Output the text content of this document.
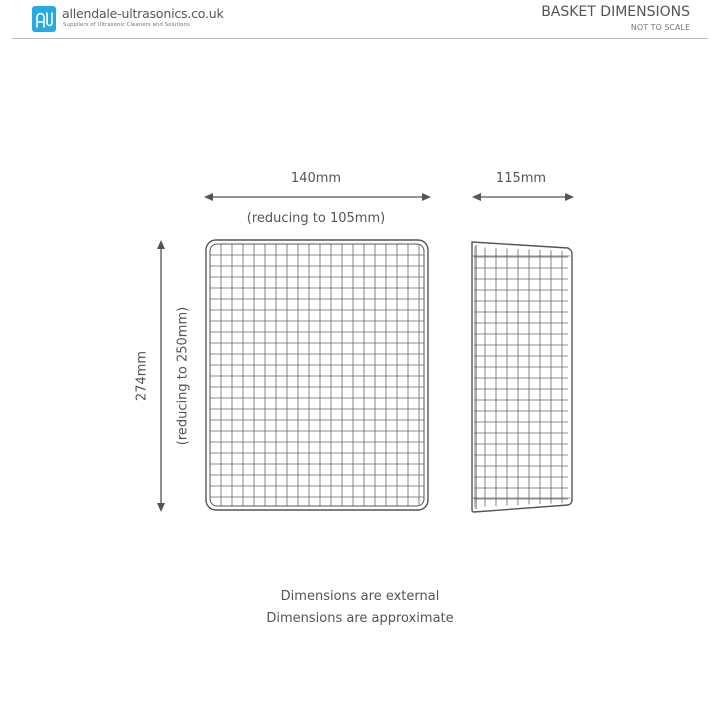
allendale-ultrasonics.co.uk
Suppliers of Ultrasonic Cleaners and Solutions
BASKET DIMENSIONS
NOT TO SCALE
140mm
(reducing to 105mm)
115mm
274mm (reducing to 250mm)
Dimensions are external
Dimensions are approximate
